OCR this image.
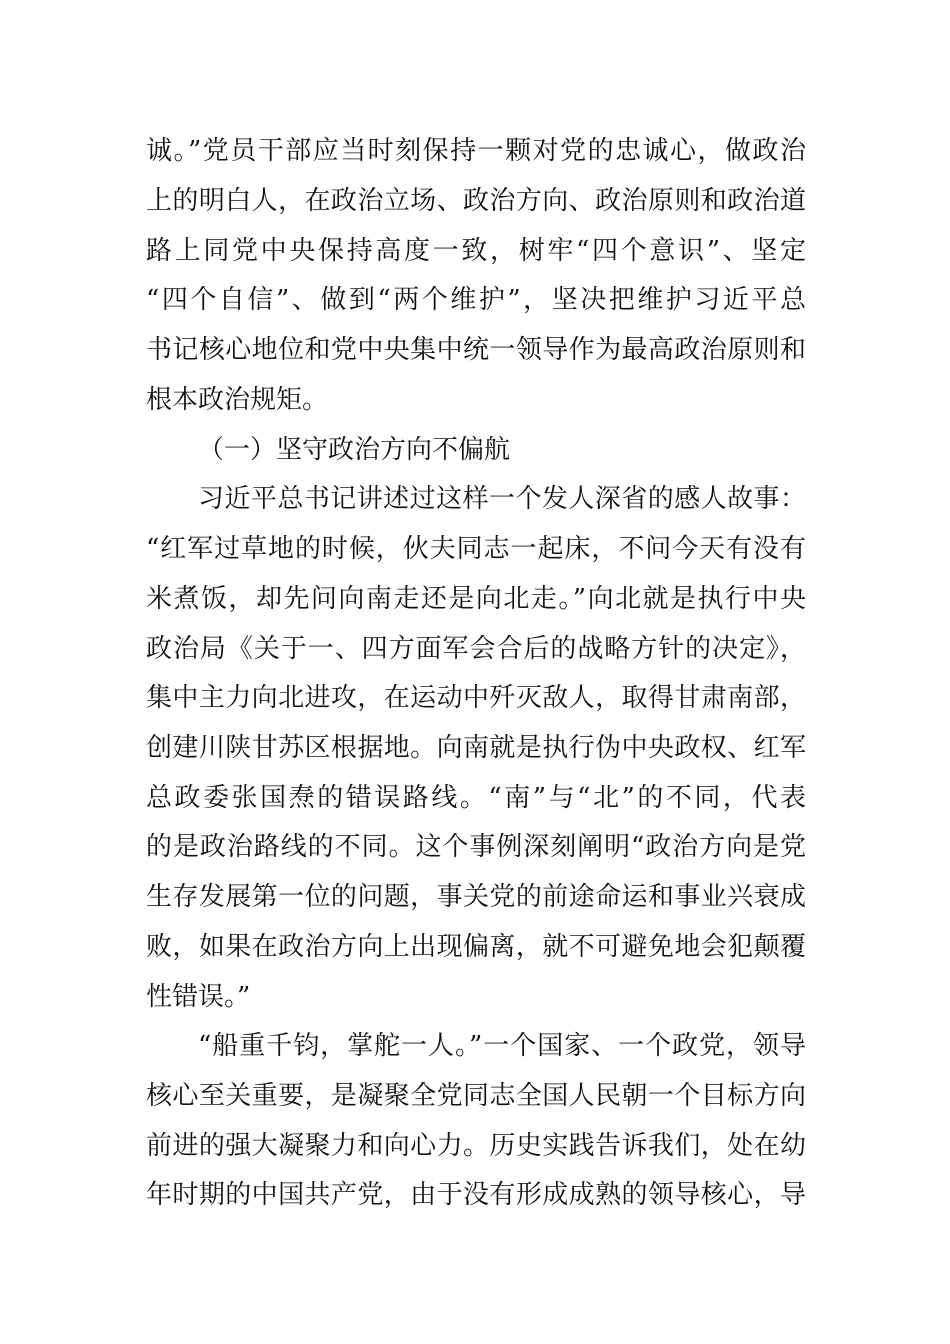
诚。”党员干部应当时刻保持一颗对党的忠诚心，做政治
上的明白人，在政治立场、政治方向、政治原则和政治道
路上同党中央保持高度一致，树牢“四个意识”、坚定
“四个自信”、做到“两个维护”，坚决把维护习近平总
书记核心地位和党中央集中统一领导作为最高政治原则和
根本政治规矩。
（一）坚守政治方向不偏航
习近平总书记讲述过这样一个发人深省的感人故事：
“红军过草地的时候，伙夫同志一起床，不问今天有没有
米煮饭，却先问向南走还是向北走。”向北就是执行中央
政治局《关于一、四方面军会合后的战略方针的决定》，
集中主力向北进攻，在运动中歼灭敌人，取得甘肃南部，
创建川陕甘苏区根据地。向南就是执行伪中央政权、红军
总政委张国焘的错误路线。“南”与“北”的不同，代表
的是政治路线的不同。这个事例深刻阐明“政治方向是党
生存发展第一位的问题，事关党的前途命运和事业兴衰成
败，如果在政治方向上出现偏离，就不可避免地会犯颠覆
性错误。”
“船重千钧，掌舵一人。”一个国家、一个政党，领导
核心至关重要，是凝聚全党同志全国人民朝一个目标方向
前进的强大凝聚力和向心力。历史实践告诉我们，处在幼
年时期的中国共产党，由于没有形成成熟的领导核心，导
